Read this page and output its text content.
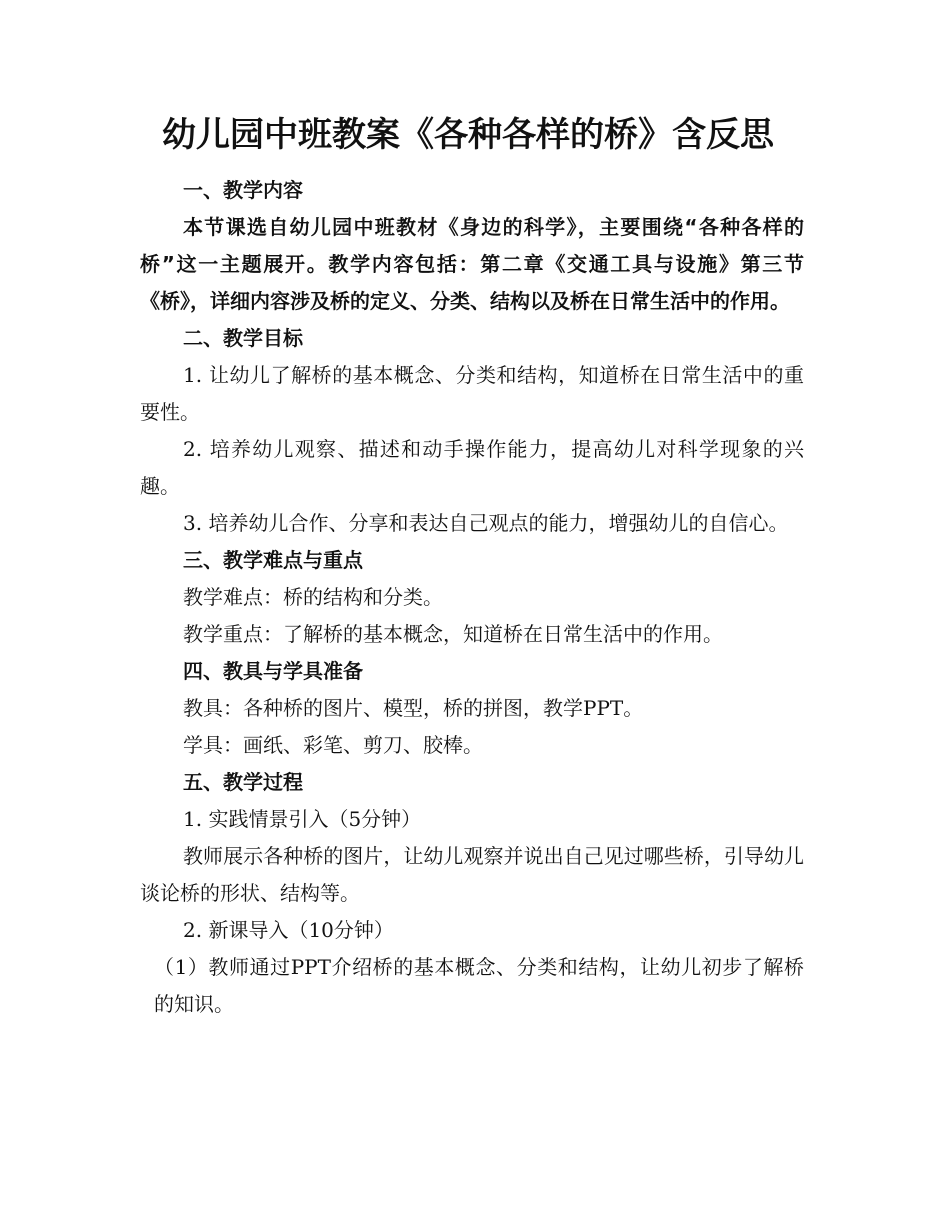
幼儿园中班教案《各种各样的桥》含反思

一、教学内容

本节课选自幼儿园中班教材《身边的科学》，主要围绕“各种各样的桥”这一主题展开。教学内容包括：第二章《交通工具与设施》第三节《桥》，详细内容涉及桥的定义、分类、结构以及桥在日常生活中的作用。

二、教学目标

1. 让幼儿了解桥的基本概念、分类和结构，知道桥在日常生活中的重要性。

2. 培养幼儿观察、描述和动手操作能力，提高幼儿对科学现象的兴趣。

3. 培养幼儿合作、分享和表达自己观点的能力，增强幼儿的自信心。

三、教学难点与重点

教学难点：桥的结构和分类。

教学重点：了解桥的基本概念，知道桥在日常生活中的作用。

四、教具与学具准备

教具：各种桥的图片、模型，桥的拼图，教学PPT。

学具：画纸、彩笔、剪刀、胶棒。

五、教学过程

1. 实践情景引入（5分钟）

教师展示各种桥的图片，让幼儿观察并说出自己见过哪些桥，引导幼儿谈论桥的形状、结构等。

2. 新课导入（10分钟）

（1）教师通过PPT介绍桥的基本概念、分类和结构，让幼儿初步了解桥的知识。
